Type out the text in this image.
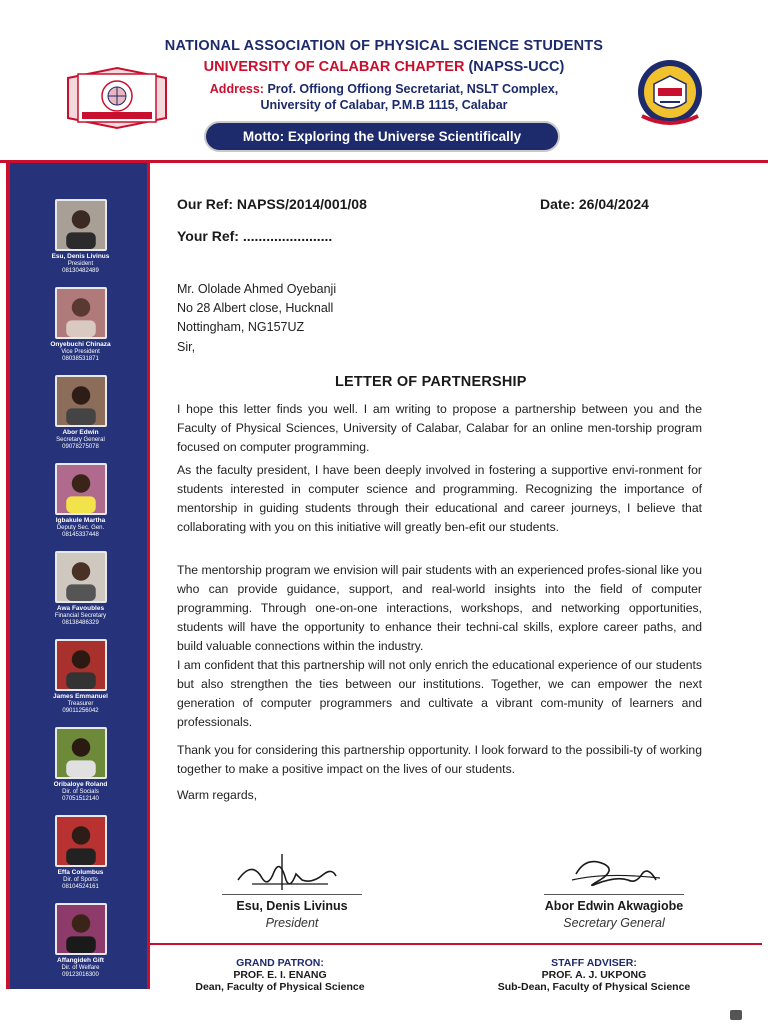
NATIONAL ASSOCIATION OF PHYSICAL SCIENCE STUDENTS
UNIVERSITY OF CALABAR CHAPTER (NAPSS-UCC)
Address: Prof. Offiong Offiong Secretariat, NSLT Complex,
University of Calabar, P.M.B 1115, Calabar
Motto: Exploring the Universe Scientifically
Esu, Denis Livinus
President
08130482489
Onyebuchi Chinaza
Vice President
08038531871
Abor Edwin
Secretary General
09078275078
Igbakule Martha
Deputy Sec. Gen.
08145337448
Awa Favoubles
Financial Secretary
08138486329
James Emmanuel
Treasurer
09011256042
Oribaloye Roland
Dir. of Socials
07051512140
Effa Columbus
Dir. of Sports
08104524161
Affangideh Gift
Dir. of Welfare
09123016300
Our Ref: NAPSS/2014/001/08	Date: 26/04/2024
Your Ref: .......................
Mr. Ololade Ahmed Oyebanji
No 28 Albert close, Hucknall
Nottingham, NG157UZ
Sir,
LETTER OF PARTNERSHIP
I hope this letter finds you well. I am writing to propose a partnership between you and the Faculty of Physical Sciences, University of Calabar, Calabar for an online men-torship program focused on computer programming.
As the faculty president, I have been deeply involved in fostering a supportive envi-ronment for students interested in computer science and programming. Recognizing the importance of mentorship in guiding students through their educational and career journeys, I believe that collaborating with you on this initiative will greatly ben-efit our students.
The mentorship program we envision will pair students with an experienced profes-sional like you who can provide guidance, support, and real-world insights into the field of computer programming. Through one-on-one interactions, workshops, and networking opportunities, students will have the opportunity to enhance their techni-cal skills, explore career paths, and build valuable connections within the industry.
I am confident that this partnership will not only enrich the educational experience of our students but also strengthen the ties between our institutions. Together, we can empower the next generation of computer programmers and cultivate a vibrant com-munity of learners and professionals.
Thank you for considering this partnership opportunity. I look forward to the possibili-ty of working together to make a positive impact on the lives of our students.
Warm regards,
Esu, Denis Livinus
President
Abor Edwin Akwagiobe
Secretary General
GRAND PATRON:
PROF. E. I. ENANG
Dean, Faculty of Physical Science
STAFF ADVISER:
PROF. A. J. UKPONG
Sub-Dean, Faculty of Physical Science
